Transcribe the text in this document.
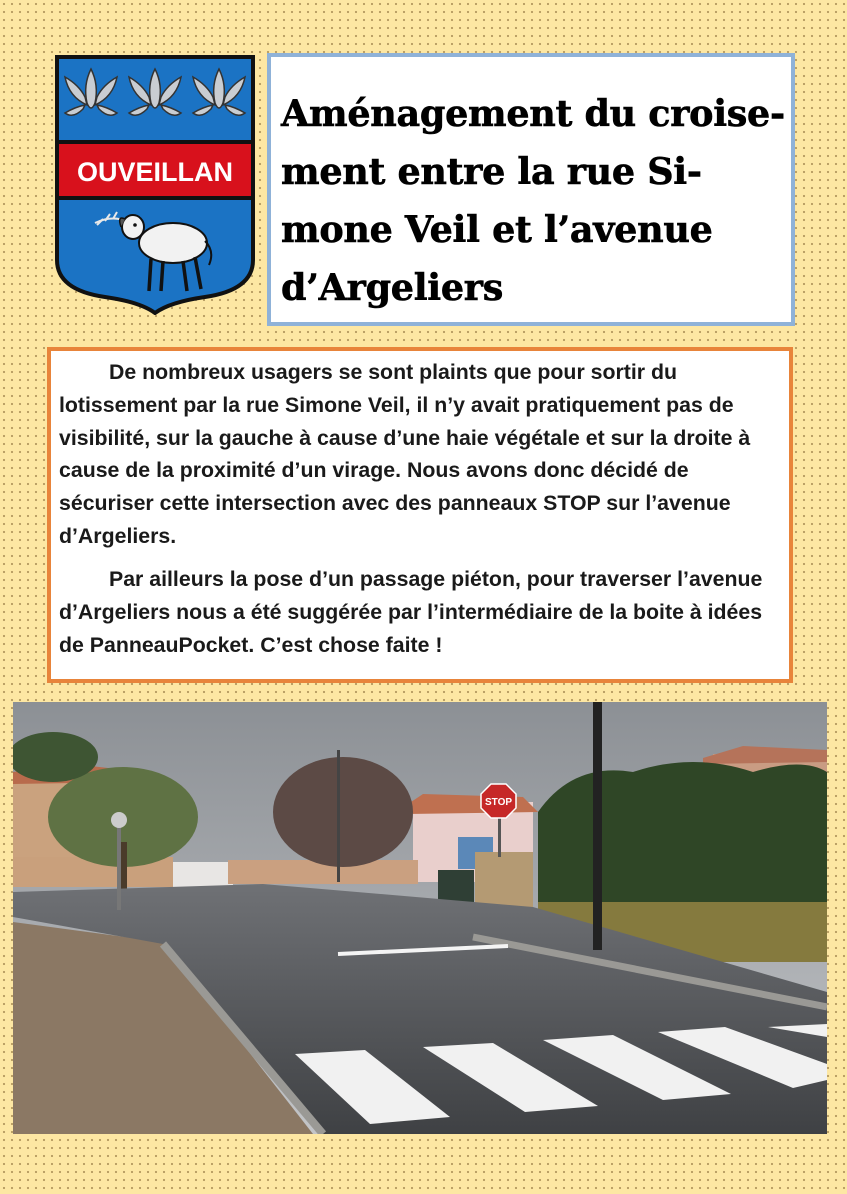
OUVEILLAN
Aménagement du croise-ment entre la rue Si-mone Veil et l’avenue d’Argeliers

De nombreux usagers se sont plaints que pour sortir du lotissement par la rue Simone Veil, il n’y avait pratiquement pas de visibilité, sur la gauche à cause d’une haie végétale et sur la droite à cause de la proximité d’un virage. Nous avons donc décidé de sécuriser cette intersection avec des panneaux STOP sur l’avenue d’Argeliers.

Par ailleurs la pose d’un passage piéton, pour traverser l’avenue d’Argeliers nous a été suggérée par l’intermédiaire de la boite à idées de PanneauPocket. C’est chose faite !

STOP
